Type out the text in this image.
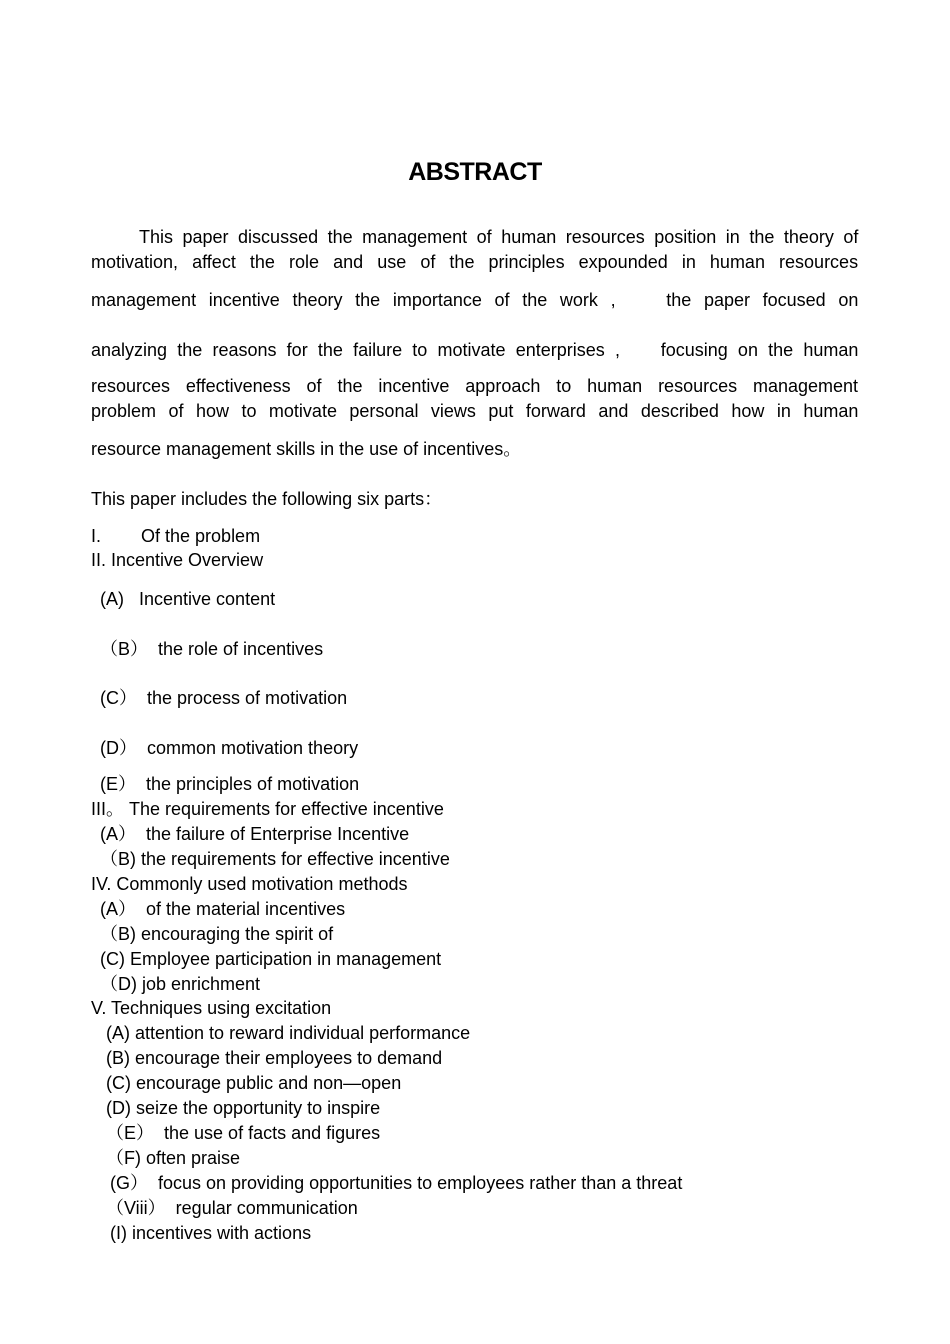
ABSTRACT
This paper discussed the management of human resources position in the theory of
motivation, affect the role and use of the principles expounded in human resources
management incentive theory the importance of the work ,    the paper focused on
analyzing the reasons for the failure to motivate enterprises ,    focusing on the human
resources effectiveness of the incentive approach to human resources management
problem of how to motivate personal views put forward and described how in human
resource management skills in the use of incentives。
This paper includes the following six parts：
I.        Of the problem
II. Incentive Overview
(A)   Incentive content
（B）  the role of incentives
(C）  the process of motivation
(D）  common motivation theory
(E）  the principles of motivation
III。 The requirements for effective incentive
(A）  the failure of Enterprise Incentive
（B) the requirements for effective incentive
IV. Commonly used motivation methods
(A）  of the material incentives
（B) encouraging the spirit of
(C) Employee participation in management
（D) job enrichment
V. Techniques using excitation
(A) attention to reward individual performance
(B) encourage their employees to demand
(C) encourage public and non—open
(D) seize the opportunity to inspire
（E）  the use of facts and figures
（F) often praise
(G）  focus on providing opportunities to employees rather than a threat
（Viii）  regular communication
(I) incentives with actions
